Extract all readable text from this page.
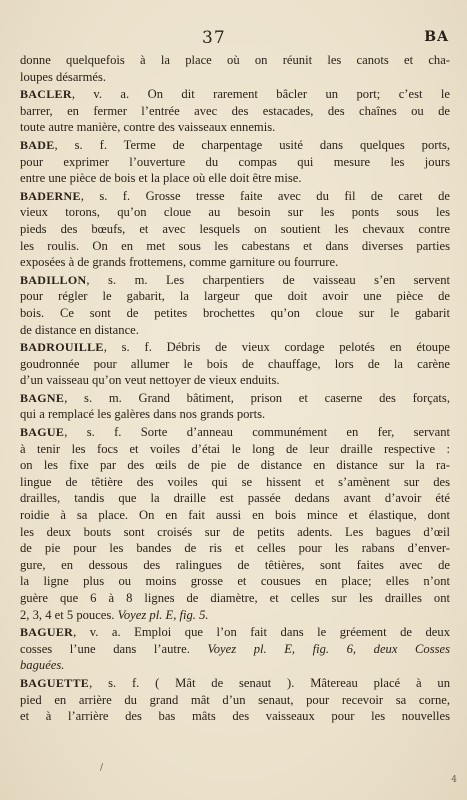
37	BA
donne quelquefois à la place où on réunit les canots et cha-
loupes désarmés.
BACLER, v. a. On dit rarement bâcler un port; c’est le
barrer, en fermer l’entrée avec des estacades, des chaînes ou de
toute autre manière, contre des vaisseaux ennemis.
BADE, s. f. Terme de charpentage usité dans quelques ports,
pour exprimer l’ouverture du compas qui mesure les jours
entre une pièce de bois et la place où elle doit être mise.
BADERNE, s. f. Grosse tresse faite avec du fil de caret de
vieux torons, qu’on cloue au besoin sur les ponts sous les
pieds des bœufs, et avec lesquels on soutient les chevaux contre
les roulis. On en met sous les cabestans et dans diverses parties
exposées à de grands frottemens, comme garniture ou fourrure.
BADILLON, s. m. Les charpentiers de vaisseau s’en servent
pour régler le gabarit, la largeur que doit avoir une pièce de
bois. Ce sont de petites brochettes qu’on cloue sur le gabarit
de distance en distance.
BADROUILLE, s. f. Débris de vieux cordage pelotés en étoupe
goudronnée pour allumer le bois de chauffage, lors de la carène
d’un vaisseau qu’on veut nettoyer de vieux enduits.
BAGNE, s. m. Grand bâtiment, prison et caserne des forçats,
qui a remplacé les galères dans nos grands ports.
BAGUE, s. f. Sorte d’anneau communément en fer, servant
à tenir les focs et voiles d’étai le long de leur draille respective :
on les fixe par des œils de pie de distance en distance sur la ra-
lingue de têtière des voiles qui se hissent et s’amènent sur des
drailles, tandis que la draille est passée dedans avant d’avoir été
roidie à sa place. On en fait aussi en bois mince et élastique, dont
les deux bouts sont croisés sur de petits adents. Les bagues d’œil
de pie pour les bandes de ris et celles pour les rabans d’enver-
gure, en dessous des ralingues de têtières, sont faites avec de
la ligne plus ou moins grosse et cousues en place; elles n’ont
guère que 6 à 8 lignes de diamètre, et celles sur les drailles ont
2, 3, 4 et 5 pouces. Voyez pl. E, fig. 5.
BAGUER, v. a. Emploi que l’on fait dans le gréement de deux
cosses l’une dans l’autre. Voyez pl. E, fig. 6, deux Cosses
baguées.
BAGUETTE, s. f. ( Mât de senaut ). Mâtereau placé à un
pied en arrière du grand mât d’un senaut, pour recevoir sa corne,
et à l’arrière des bas mâts des vaisseaux pour les nouvelles
/
4
